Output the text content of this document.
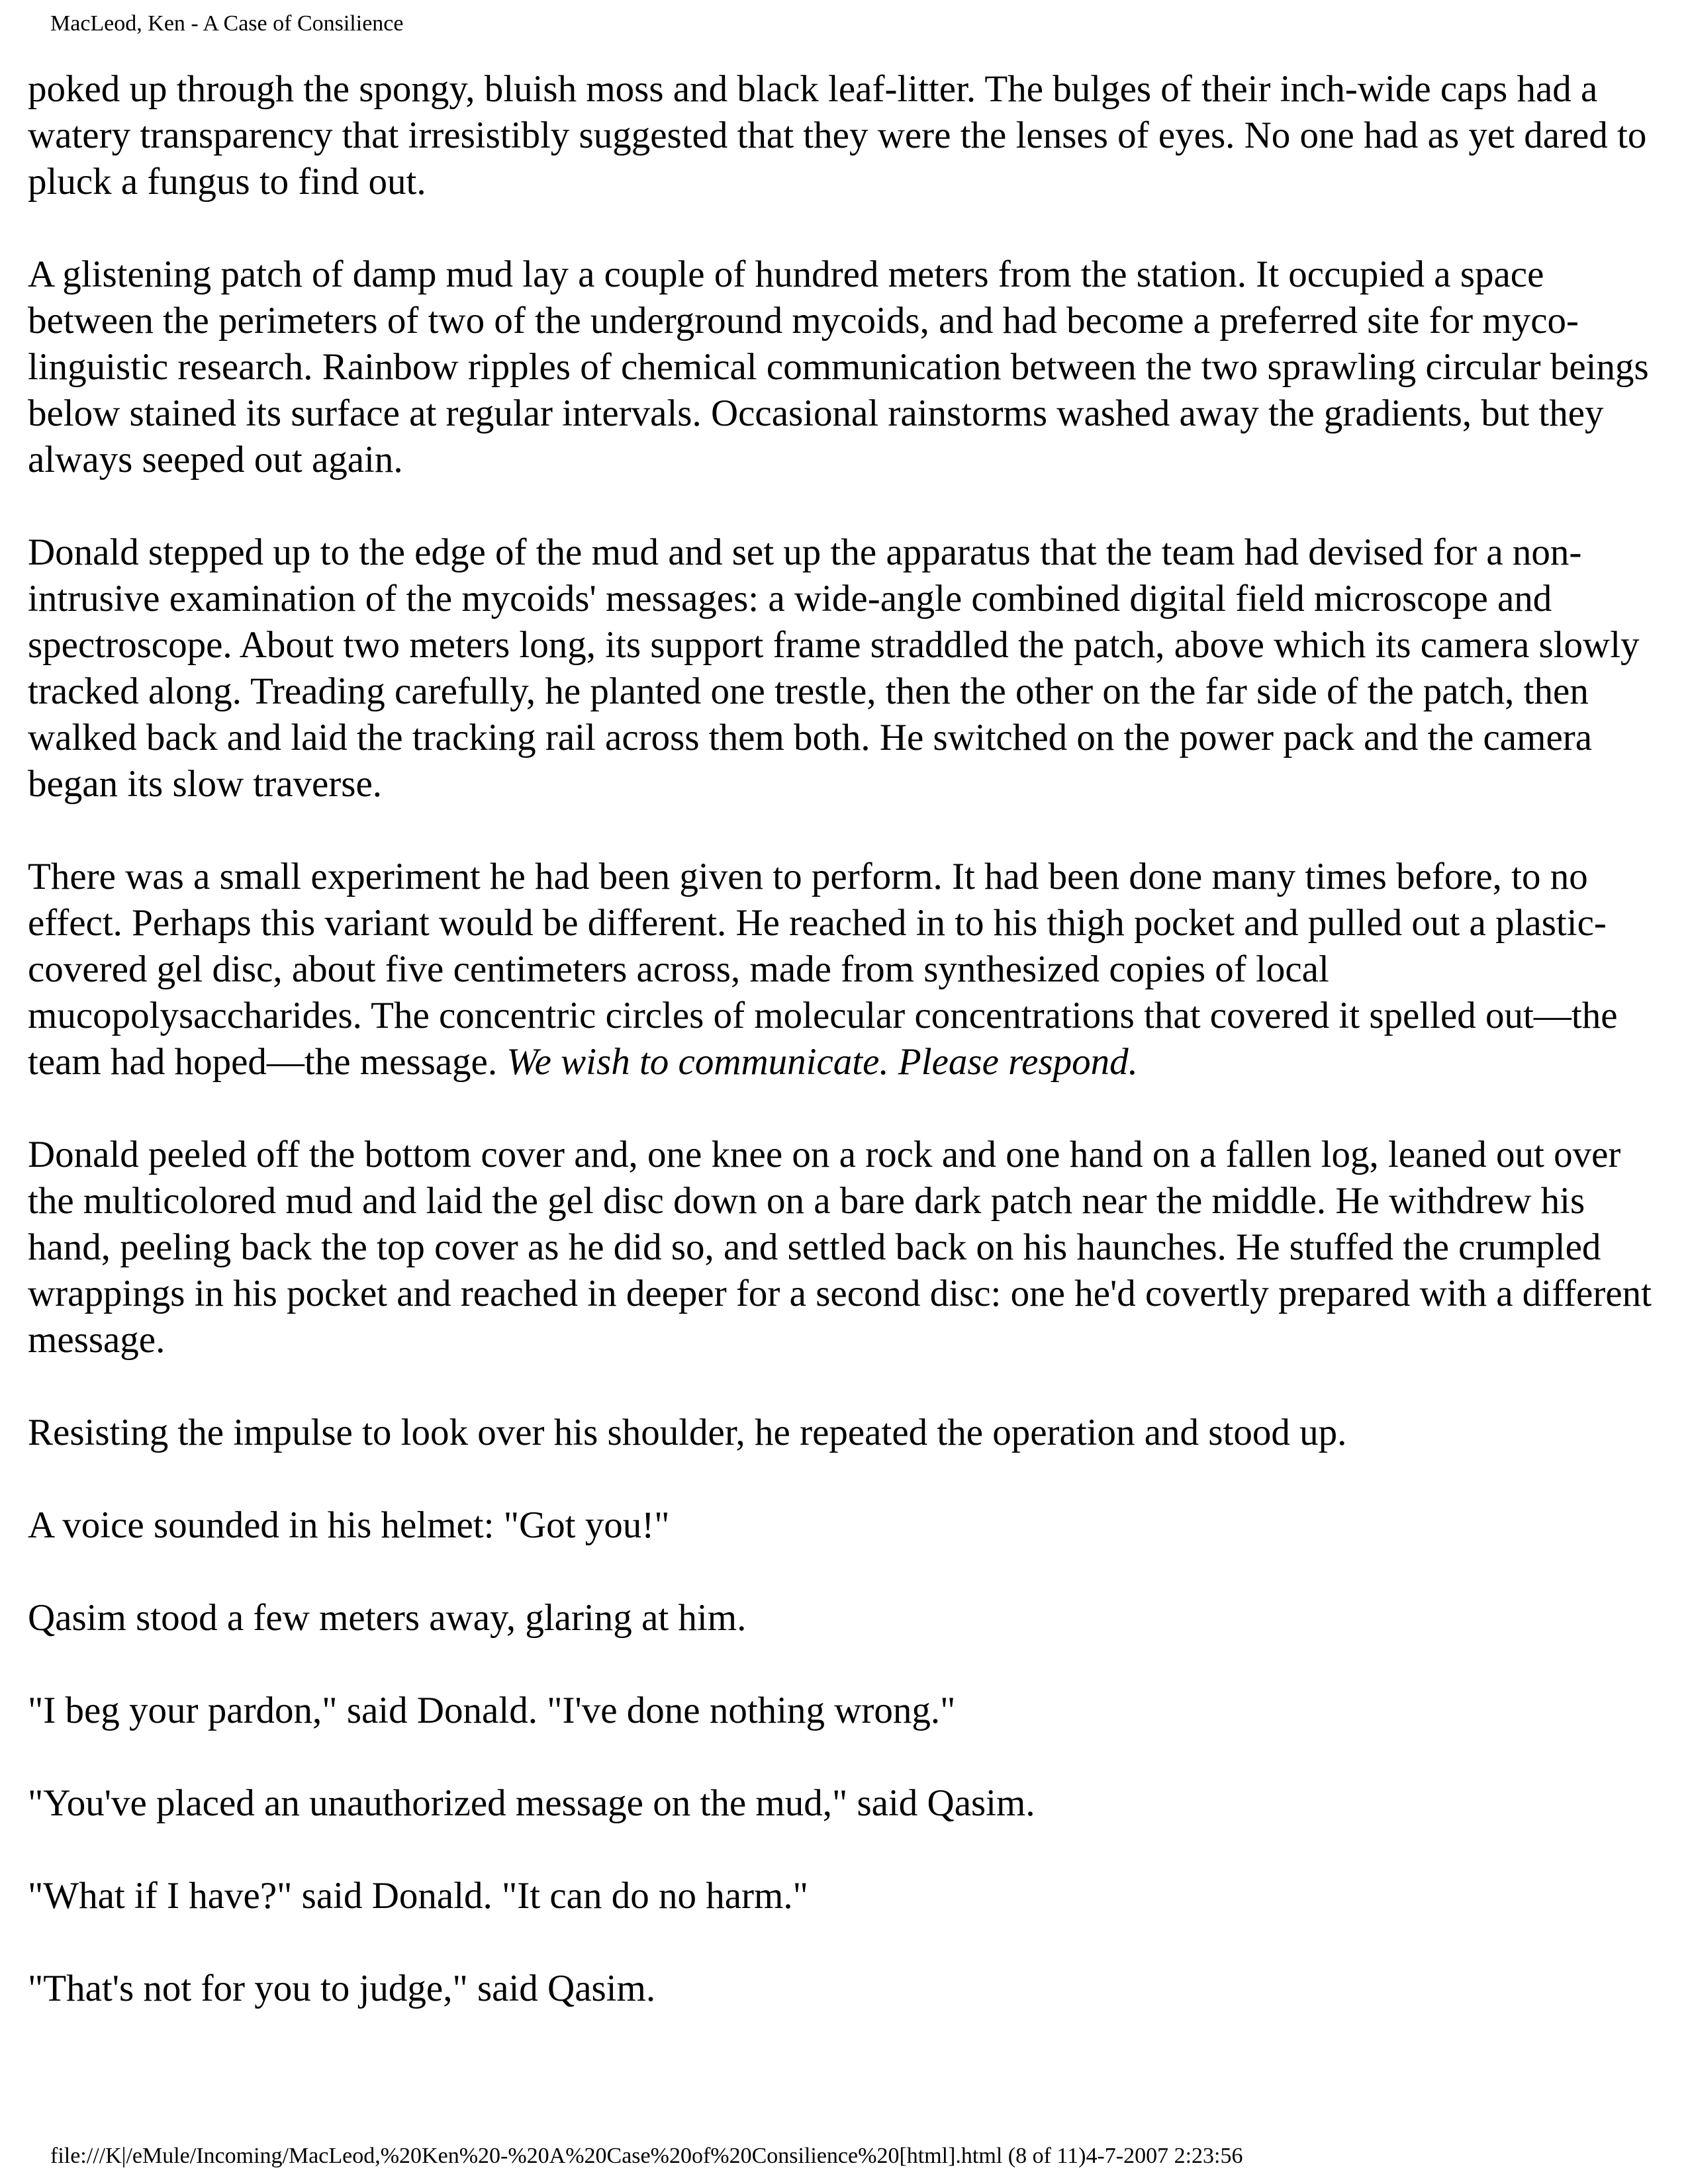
MacLeod, Ken - A Case of Consilience

poked up through the spongy, bluish moss and black leaf-litter. The bulges of their inch-wide caps had a watery transparency that irresistibly suggested that they were the lenses of eyes. No one had as yet dared to pluck a fungus to find out.

A glistening patch of damp mud lay a couple of hundred meters from the station. It occupied a space between the perimeters of two of the underground mycoids, and had become a preferred site for myco-linguistic research. Rainbow ripples of chemical communication between the two sprawling circular beings below stained its surface at regular intervals. Occasional rainstorms washed away the gradients, but they always seeped out again.

Donald stepped up to the edge of the mud and set up the apparatus that the team had devised for a non-intrusive examination of the mycoids' messages: a wide-angle combined digital field microscope and spectroscope. About two meters long, its support frame straddled the patch, above which its camera slowly tracked along. Treading carefully, he planted one trestle, then the other on the far side of the patch, then walked back and laid the tracking rail across them both. He switched on the power pack and the camera began its slow traverse.

There was a small experiment he had been given to perform. It had been done many times before, to no effect. Perhaps this variant would be different. He reached in to his thigh pocket and pulled out a plastic-covered gel disc, about five centimeters across, made from synthesized copies of local mucopolysaccharides. The concentric circles of molecular concentrations that covered it spelled out—the team had hoped—the message. We wish to communicate. Please respond.

Donald peeled off the bottom cover and, one knee on a rock and one hand on a fallen log, leaned out over the multicolored mud and laid the gel disc down on a bare dark patch near the middle. He withdrew his hand, peeling back the top cover as he did so, and settled back on his haunches. He stuffed the crumpled wrappings in his pocket and reached in deeper for a second disc: one he'd covertly prepared with a different message.

Resisting the impulse to look over his shoulder, he repeated the operation and stood up.

A voice sounded in his helmet: "Got you!"

Qasim stood a few meters away, glaring at him.

"I beg your pardon," said Donald. "I've done nothing wrong."

"You've placed an unauthorized message on the mud," said Qasim.

"What if I have?" said Donald. "It can do no harm."

"That's not for you to judge," said Qasim.

file:///K|/eMule/Incoming/MacLeod,%20Ken%20-%20A%20Case%20of%20Consilience%20[html].html (8 of 11)4-7-2007 2:23:56
